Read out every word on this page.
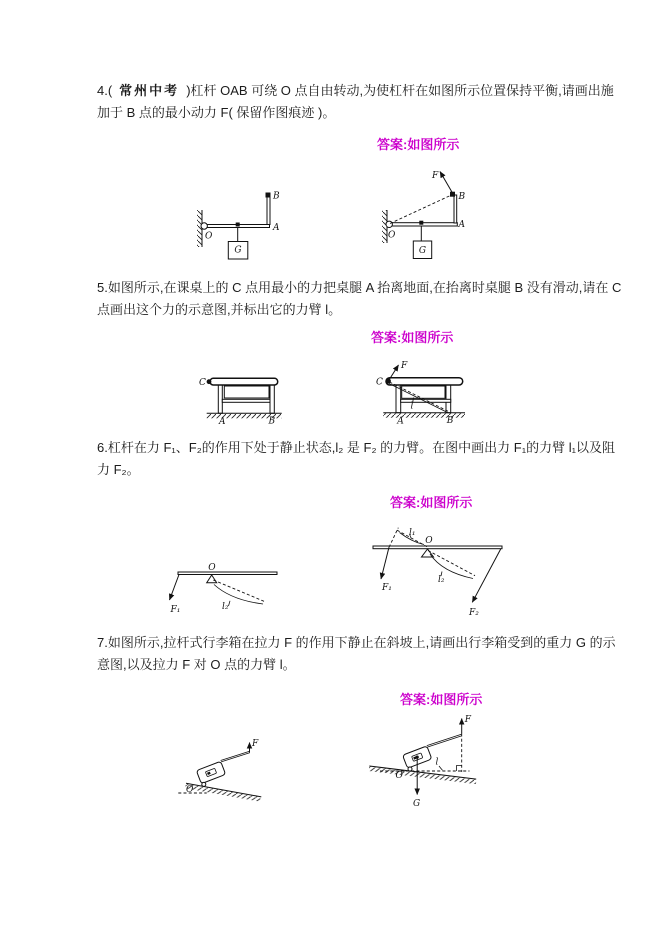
4.( 常州中考 )杠杆 OAB 可绕 O 点自由转动,为使杠杆在如图所示位置保持平衡,请画出施
加于 B 点的最小动力 F( 保留作图痕迹 )。
答案:如图所示
G
O
A
B
G
O
A
B
F
5.如图所示,在课桌上的 C 点用最小的力把桌腿 A 抬离地面,在抬离时桌腿 B 没有滑动,请在 C
点画出这个力的示意图,并标出它的力臂 l。
答案:如图所示
C
A	B
C
F
l
A	B
6.杠杆在力 F₁、F₂的作用下处于静止状态,l₂ 是 F₂ 的力臂。在图中画出力 F₁的力臂 l₁以及阻
力 F₂。
答案:如图所示
O
F₁	l₂
O
l₁
l₂
F₁
F₂
7.如图所示,拉杆式行李箱在拉力 F 的作用下静止在斜坡上,请画出行李箱受到的重力 G 的示
意图,以及拉力 F 对 O 点的力臂 l。
答案:如图所示
F
O
F
O
l
G
